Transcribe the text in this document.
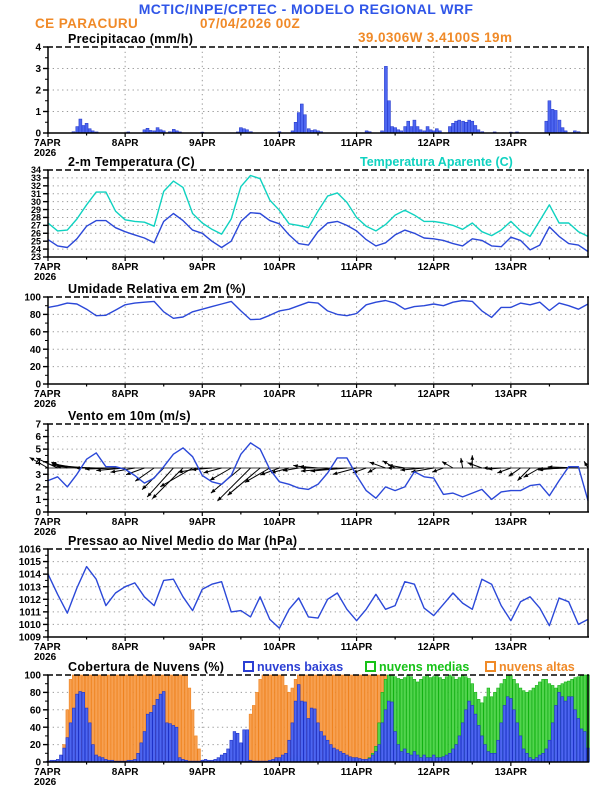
0
1
2
3
4
7APR
2026
8APR	9APR	10APR	11APR	12APR	13APR
23
24
25
26
27
28
29
30
31
32
33
34
7APR
2026
8APR	9APR	10APR	11APR	12APR	13APR
0
20
40
60
80
100
7APR
2026
8APR	9APR	10APR	11APR	12APR	13APR
0
1
2
3
4
5
6
7
7APR
2026
8APR	9APR	10APR	11APR	12APR	13APR
1009
1010
1011
1012
1013
1014
1015
1016
7APR
2026
8APR	9APR	10APR	11APR	12APR	13APR
0
20
40
60
80
100
7APR
2026
8APR	9APR	10APR	11APR	12APR	13APR
MCTIC/INPE/CPTEC - MODELO REGIONAL WRF
CE PARACURU	07/04/2026 00Z
39.0306W 3.4100S 19m
Precipitacao (mm/h)
2-m Temperatura (C)	Temperatura Aparente (C)
Umidade Relativa em 2m (%)
Vento em 10m (m/s)
Pressao ao Nivel Medio do Mar (hPa)
Cobertura de Nuvens (%)	nuvens baixas	nuvens medias	nuvens altas
